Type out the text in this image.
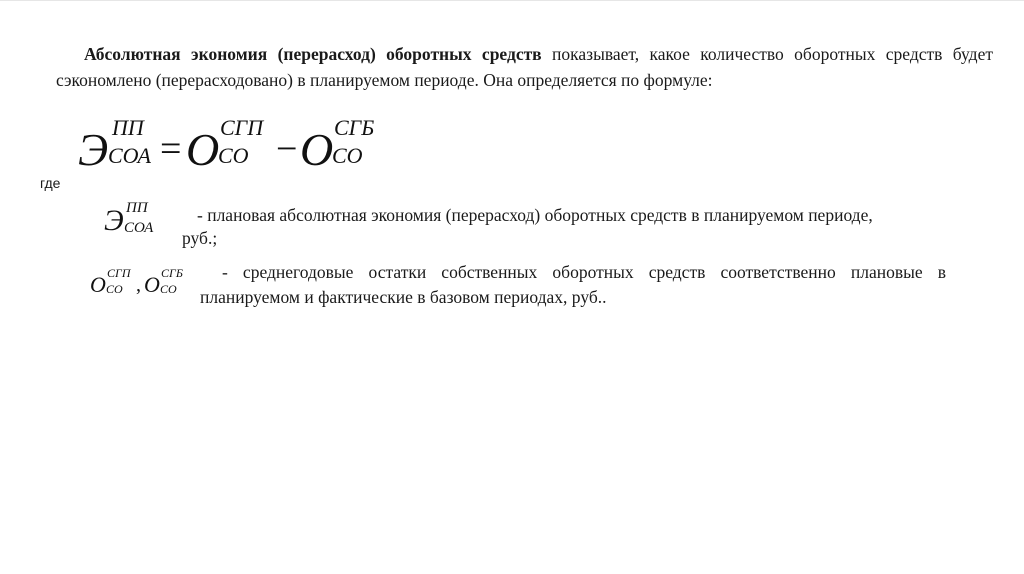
Абсолютная экономия (перерасход) оборотных средств показывает, какое количество оборотных средств будет сэкономлено (перерасходовано) в планируемом периоде. Она определяется по формуле:

Э ПП
СОА = О СГП
СО − О СГБ
СО
где
Э ПП
СОА

- плановая абсолютная экономия (перерасход) оборотных средств в планируемом периоде, руб.;

О СГП
СО , О СГБ
СО

- среднегодовые остатки собственных оборотных средств соответственно плановые в планируемом и фактические в базовом периодах, руб..
